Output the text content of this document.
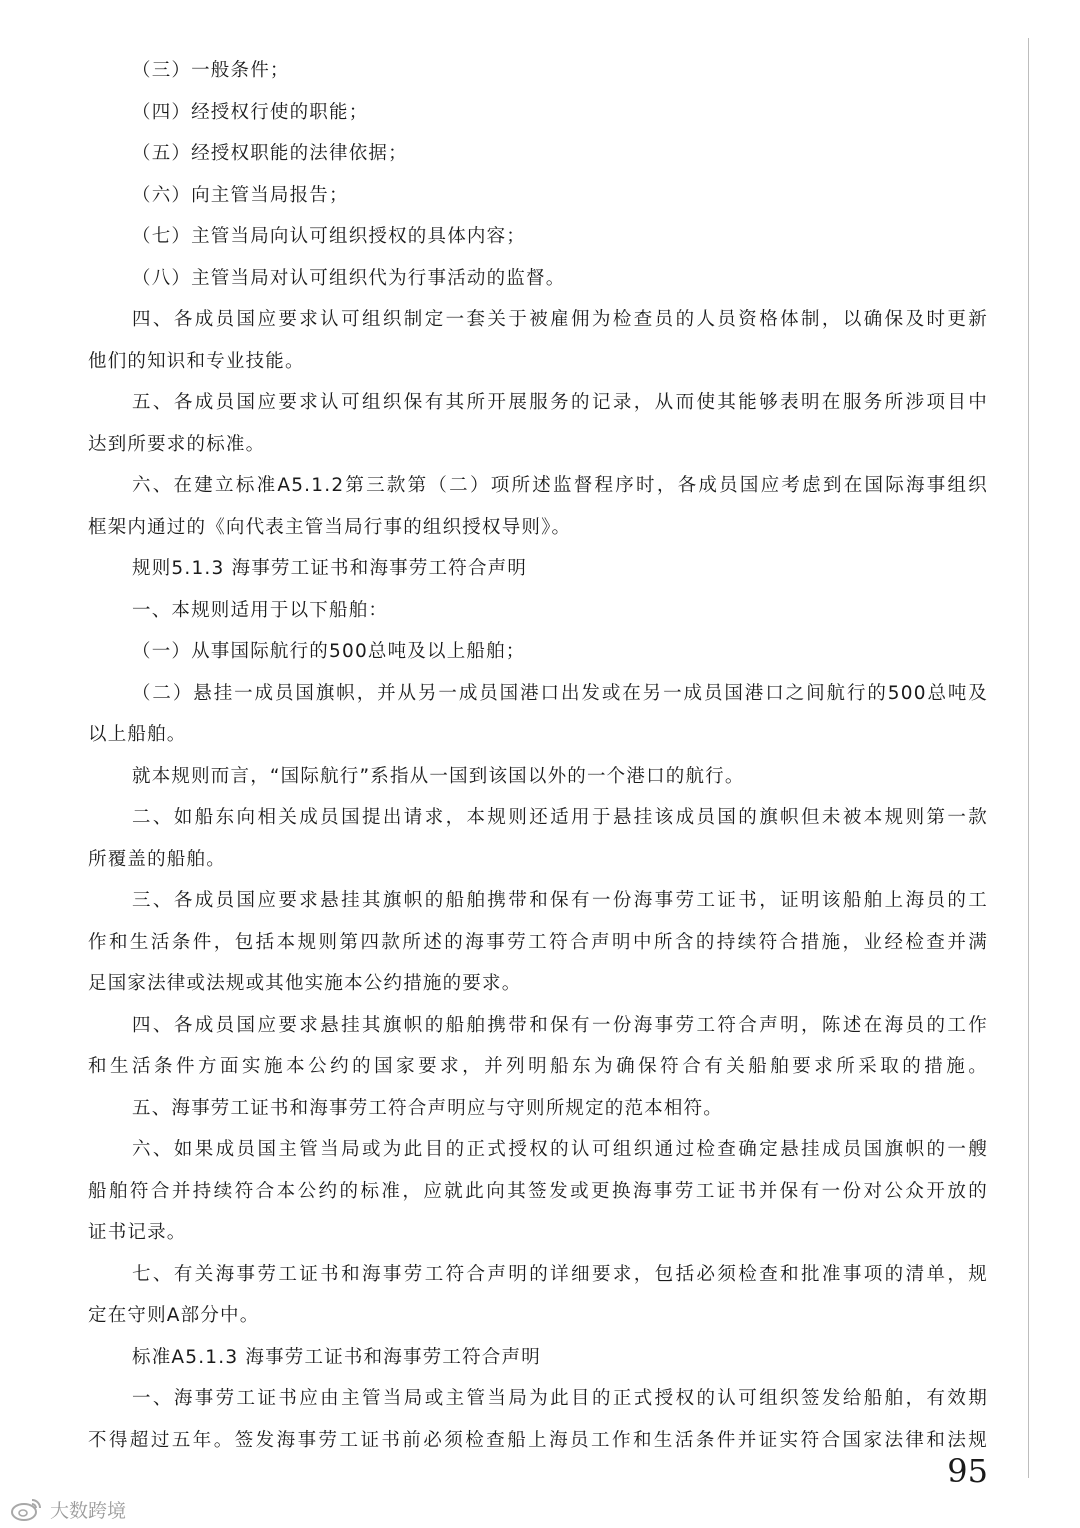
（三）一般条件；
（四）经授权行使的职能；
（五）经授权职能的法律依据；
（六）向主管当局报告；
（七）主管当局向认可组织授权的具体内容；
（八）主管当局对认可组织代为行事活动的监督。
四、各成员国应要求认可组织制定一套关于被雇佣为检查员的人员资格体制，以确保及时更新
他们的知识和专业技能。
五、各成员国应要求认可组织保有其所开展服务的记录，从而使其能够表明在服务所涉项目中
达到所要求的标准。
六、在建立标准A5.1.2第三款第（二）项所述监督程序时，各成员国应考虑到在国际海事组织
框架内通过的《向代表主管当局行事的组织授权导则》。
规则5.1.3 海事劳工证书和海事劳工符合声明
一、本规则适用于以下船舶：
（一）从事国际航行的500总吨及以上船舶；
（二）悬挂一成员国旗帜，并从另一成员国港口出发或在另一成员国港口之间航行的500总吨及
以上船舶。
就本规则而言，“国际航行”系指从一国到该国以外的一个港口的航行。
二、如船东向相关成员国提出请求，本规则还适用于悬挂该成员国的旗帜但未被本规则第一款
所覆盖的船舶。
三、各成员国应要求悬挂其旗帜的船舶携带和保有一份海事劳工证书，证明该船舶上海员的工
作和生活条件，包括本规则第四款所述的海事劳工符合声明中所含的持续符合措施，业经检查并满
足国家法律或法规或其他实施本公约措施的要求。
四、各成员国应要求悬挂其旗帜的船舶携带和保有一份海事劳工符合声明，陈述在海员的工作
和生活条件方面实施本公约的国家要求，并列明船东为确保符合有关船舶要求所采取的措施。
五、海事劳工证书和海事劳工符合声明应与守则所规定的范本相符。
六、如果成员国主管当局或为此目的正式授权的认可组织通过检查确定悬挂成员国旗帜的一艘
船舶符合并持续符合本公约的标准，应就此向其签发或更换海事劳工证书并保有一份对公众开放的
证书记录。
七、有关海事劳工证书和海事劳工符合声明的详细要求，包括必须检查和批准事项的清单，规
定在守则A部分中。
标准A5.1.3 海事劳工证书和海事劳工符合声明
一、海事劳工证书应由主管当局或主管当局为此目的正式授权的认可组织签发给船舶，有效期
不得超过五年。签发海事劳工证书前必须检查船上海员工作和生活条件并证实符合国家法律和法规
95
大数跨境
